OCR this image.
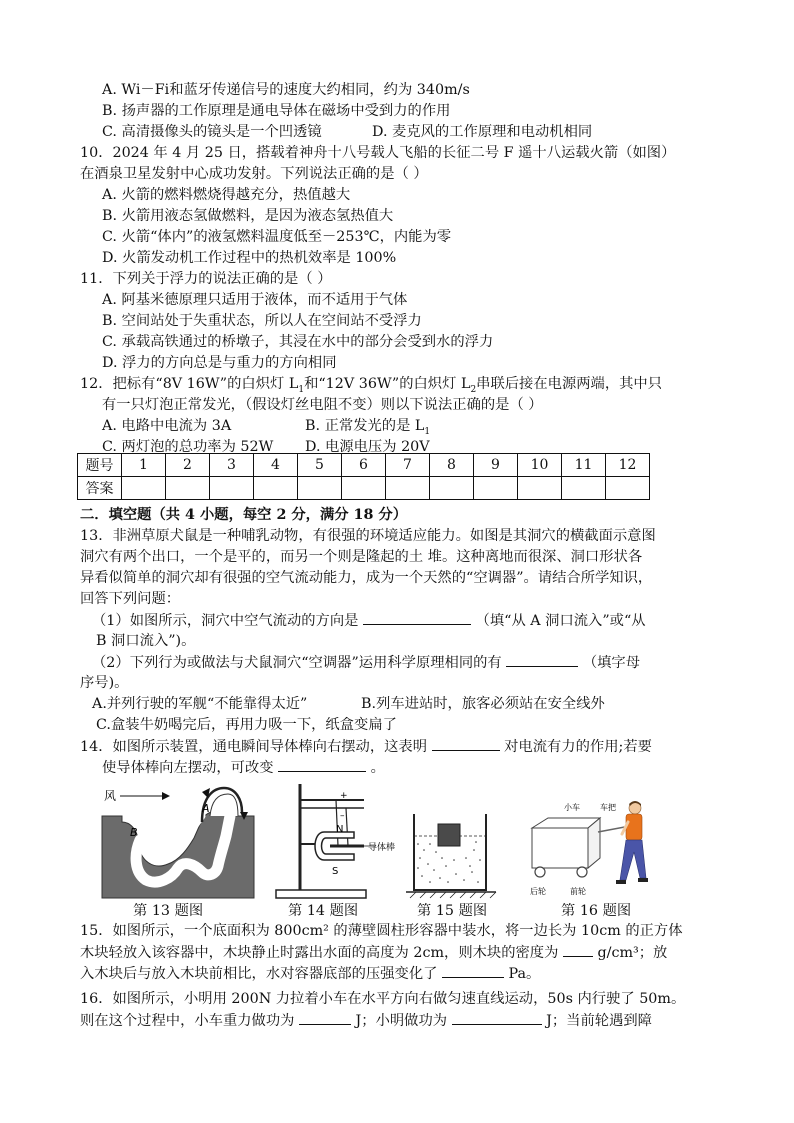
A. Wi－Fi和蓝牙传递信号的速度大约相同，约为 340m/s
B. 扬声器的工作原理是通电导体在磁场中受到力的作用
C. 高清摄像头的镜头是一个凹透镜	D. 麦克风的工作原理和电动机相同
10．2024 年 4 月 25 日，搭载着神舟十八号载人飞船的长征二号 F 遥十八运载火箭（如图）
在酒泉卫星发射中心成功发射。下列说法正确的是（ ）
A. 火箭的燃料燃烧得越充分，热值越大
B. 火箭用液态氢做燃料，是因为液态氢热值大
C. 火箭“体内”的液氢燃料温度低至－253℃，内能为零
D. 火箭发动机工作过程中的热机效率是 100%
11．下列关于浮力的说法正确的是（ ）
A. 阿基米德原理只适用于液体，而不适用于气体
B. 空间站处于失重状态，所以人在空间站不受浮力
C. 承载高铁通过的桥墩子，其浸在水中的部分会受到水的浮力
D. 浮力的方向总是与重力的方向相同
12．把标有“8V 16W”的白炽灯 $L_1$和“12V 36W”的白炽灯 $L_2$串联后接在电源两端，其中只
有一只灯泡正常发光，（假设灯丝电阻不变）则以下说法正确的是（ ）
A. 电路中电流为 3A	B. 正常发光的是 $L_1$
C. 两灯泡的总功率为 52W D. 电源电压为 20V
题号	1	2	3	4	5	6	7	8	9	10	11	12
答案												
二．填空题（共 4 小题，每空 2 分，满分 18 分）
13．非洲草原犬鼠是一种哺乳动物，有很强的环境适应能力。如图是其洞穴的横截面示意图
洞穴有两个出口，一个是平的，而另一个则是隆起的土 堆。这种离地而很深、洞口形状各
异看似简单的洞穴却有很强的空气流动能力，成为一个天然的“空调器”。请结合所学知识，
回答下列问题：
（1）如图所示，洞穴中空气流动的方向是	（填“从 A 洞口流入”或“从
B 洞口流入”)。
（2）下列行为或做法与犬鼠洞穴“空调器”运用科学原理相同的有	（填字母
序号)。
A.并列行驶的军舰“不能靠得太近”	B.列车进站时，旅客必须站在安全线外
C.盒装牛奶喝完后，再用力吸一下，纸盒变扁了
14．如图所示装置，通电瞬间导体棒向右摆动，这表明	对电流有力的作用;若要
使导体棒向左摆动，可改变	。
风
A
B
+
–
N
S
导体棒
小车	车把
后轮	前轮
第 13 题图	第 14 题图	第 15 题图	第 16 题图
15．如图所示，一个底面积为 800cm² 的薄壁圆柱形容器中装水，将一边长为 10cm 的正方体
木块轻放入该容器中，木块静止时露出水面的高度为 2cm，则木块的密度为	g/cm³；放
入木块后与放入木块前相比，水对容器底部的压强变化了	Pa。
16．如图所示，小明用 200N 力拉着小车在水平方向右做匀速直线运动，50s 内行驶了 50m。
则在这个过程中，小车重力做功为	J；小明做功为	J；当前轮遇到障
